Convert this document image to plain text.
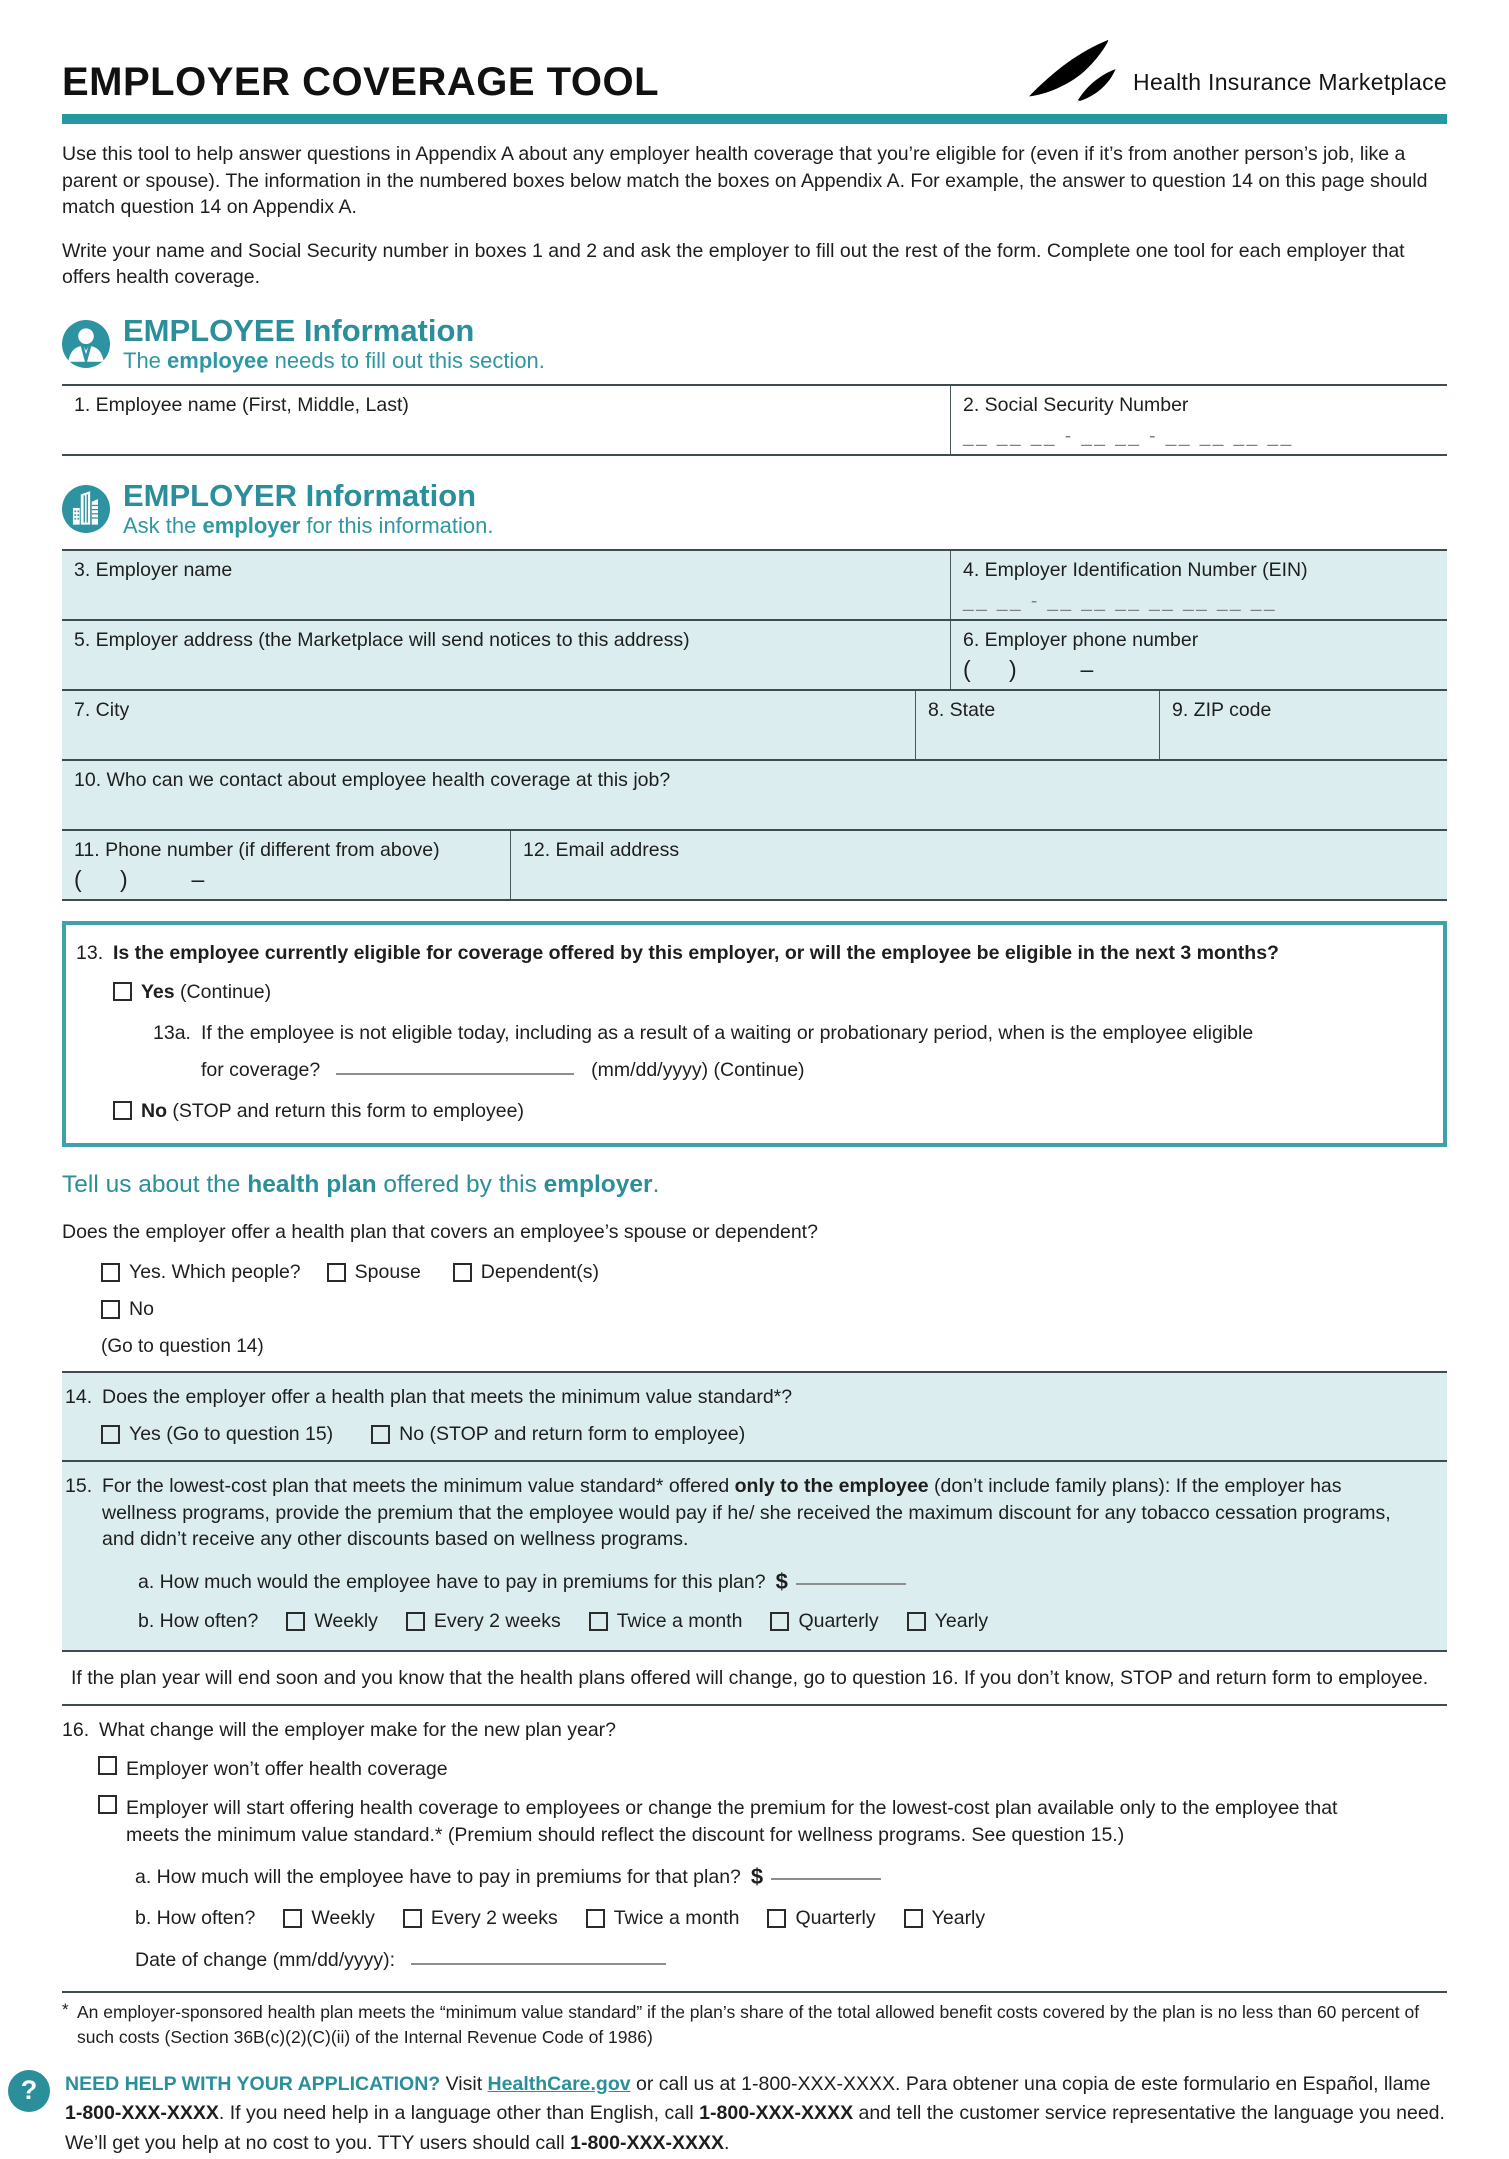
EMPLOYER COVERAGE TOOL	Health Insurance Marketplace

Use this tool to help answer questions in Appendix A about any employer health coverage that you’re eligible for (even if it’s from another person’s job, like a parent or spouse). The information in the numbered boxes below match the boxes on Appendix A. For example, the answer to question 14 on this page should match question 14 on Appendix A.

Write your name and Social Security number in boxes 1 and 2 and ask the employer to fill out the rest of the form. Complete one tool for each employer that offers health coverage.

EMPLOYEE Information
The employee needs to fill out this section.
1. Employee name (First, Middle, Last)	2. Social Security Number
__ __ __ - __ __ - __ __ __ __
EMPLOYER Information
Ask the employer for this information.
3. Employer name	4. Employer Identification Number (EIN)
__ __ - __ __ __ __ __ __ __
5. Employer address (the Marketplace will send notices to this address)	6. Employer phone number
(      )          –
7. City	8. State	9. ZIP code
10. Who can we contact about employee health coverage at this job?
11. Phone number (if different from above)
(      )          –
12. Email address
13. Is the employee currently eligible for coverage offered by this employer, or will the employee be eligible in the next 3 months?
Yes (Continue)
13a. If the employee is not eligible today, including as a result of a waiting or probationary period, when is the employee eligible
for coverage?	(mm/dd/yyyy) (Continue)
No (STOP and return this form to employee)
Tell us about the health plan offered by this employer.
Does the employer offer a health plan that covers an employee’s spouse or dependent?
Yes. Which people?	Spouse	Dependent(s)
No
(Go to question 14)
14. Does the employer offer a health plan that meets the minimum value standard*?
Yes (Go to question 15)	No (STOP and return form to employee)
15. For the lowest-cost plan that meets the minimum value standard* offered only to the employee (don’t include family plans): If the employer has wellness programs, provide the premium that the employee would pay if he/ she received the maximum discount for any tobacco cessation programs, and didn’t receive any other discounts based on wellness programs.
a. How much would the employee have to pay in premiums for this plan? $
b. How often?	Weekly	Every 2 weeks	Twice a month	Quarterly	Yearly
If the plan year will end soon and you know that the health plans offered will change, go to question 16. If you don’t know, STOP and return form to employee.
16. What change will the employer make for the new plan year?
Employer won’t offer health coverage
Employer will start offering health coverage to employees or change the premium for the lowest-cost plan available only to the employee that meets the minimum value standard.* (Premium should reflect the discount for wellness programs. See question 15.)
a. How much will the employee have to pay in premiums for that plan? $
b. How often?	Weekly	Every 2 weeks	Twice a month	Quarterly	Yearly
Date of change (mm/dd/yyyy):
* An employer-sponsored health plan meets the “minimum value standard” if the plan’s share of the total allowed benefit costs covered by the plan is no less than 60 percent of such costs (Section 36B(c)(2)(C)(ii) of the Internal Revenue Code of 1986)
?	NEED HELP WITH YOUR APPLICATION? Visit HealthCare.gov or call us at 1-800-XXX-XXXX. Para obtener una copia de este formulario en Español, llame 1-800-XXX-XXXX. If you need help in a language other than English, call 1-800-XXX-XXXX and tell the customer service representative the language you need. We’ll get you help at no cost to you. TTY users should call 1-800-XXX-XXXX.
